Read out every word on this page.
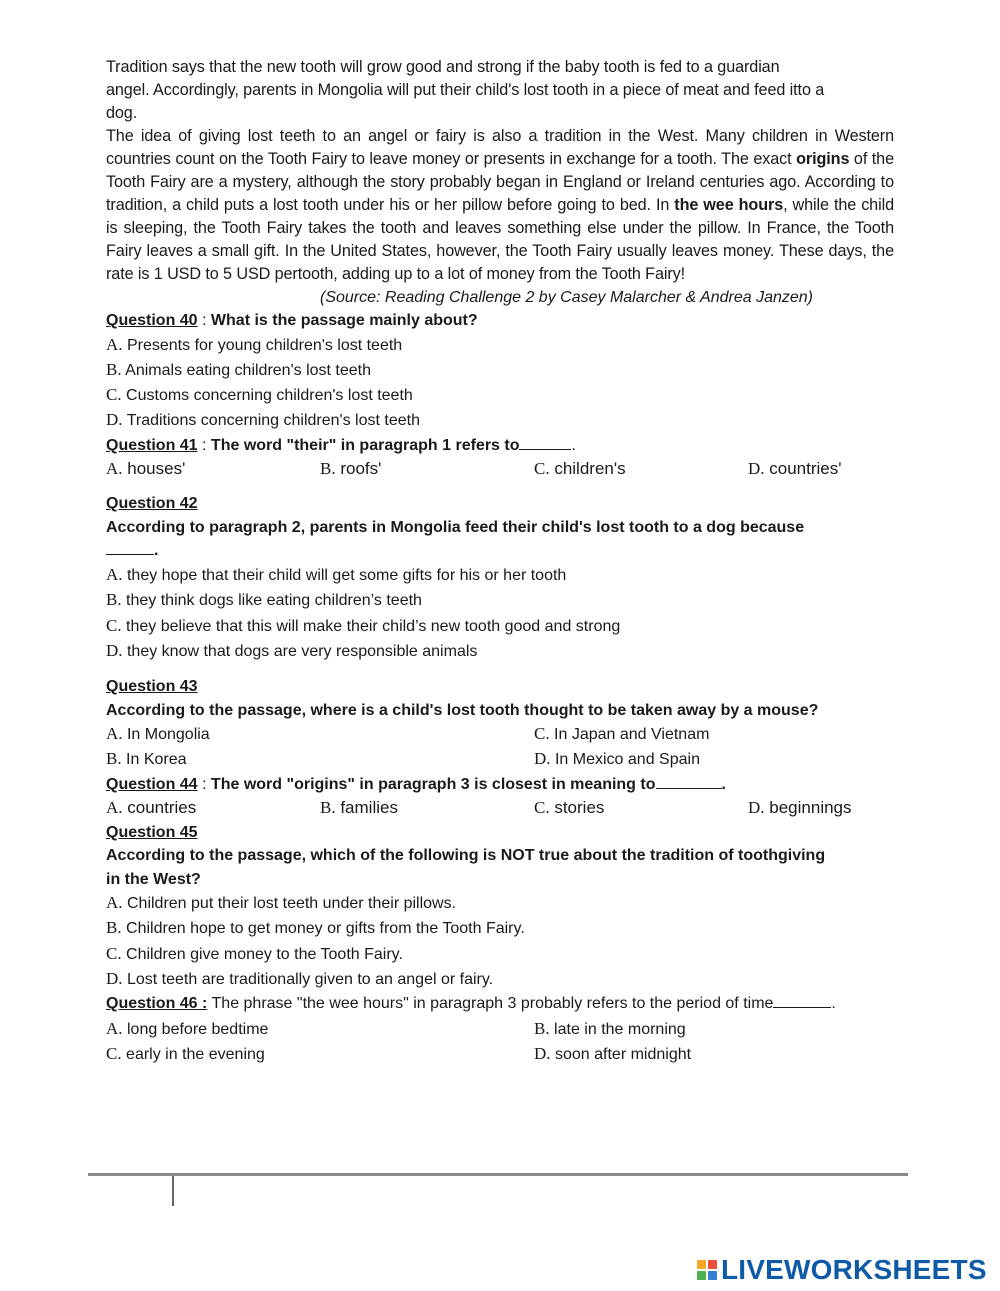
Tradition says that the new tooth will grow good and strong if the baby tooth is fed to a guardian

angel. Accordingly, parents in Mongolia will put their child's lost tooth in a piece of meat and feed itto a

dog.

The idea of giving lost teeth to an angel or fairy is also a tradition in the West. Many children in Western countries count on the Tooth Fairy to leave money or presents in exchange for a tooth. The exact origins of the Tooth Fairy are a mystery, although the story probably began in England or Ireland centuries ago. According to tradition, a child puts a lost tooth under his or her pillow before going to bed. In the wee hours, while the child is sleeping, the Tooth Fairy takes the tooth and leaves something else under the pillow. In France, the Tooth Fairy leaves a small gift. In the United States, however, the Tooth Fairy usually leaves money. These days, the rate is 1 USD to 5 USD pertooth, adding up to a lot of money from the Tooth Fairy!

(Source: Reading Challenge 2 by Casey Malarcher & Andrea Janzen)

Question 40 : What is the passage mainly about?

A. Presents for young children's lost teeth

B. Animals eating children's lost teeth

C. Customs concerning children's lost teeth

D. Traditions concerning children's lost teeth

Question 41 : The word "their" in paragraph 1 refers to	.

A. houses'	B. roofs'	C. children's	D. countries'

Question 42

According to paragraph 2, parents in Mongolia feed their child's lost tooth to a dog because

.

A. they hope that their child will get some gifts for his or her tooth

B. they think dogs like eating children’s teeth

C. they believe that this will make their child’s new tooth good and strong

D. they know that dogs are very responsible animals

Question 43

According to the passage, where is a child's lost tooth thought to be taken away by a mouse?

A. In Mongolia	C. In Japan and Vietnam

B. In Korea	D. In Mexico and Spain

Question 44 : The word "origins" in paragraph 3 is closest in meaning to	.

A. countries	B. families	C. stories	D. beginnings

Question 45

According to the passage, which of the following is NOT true about the tradition of toothgiving

in the West?

A. Children put their lost teeth under their pillows.

B. Children hope to get money or gifts from the Tooth Fairy.

C. Children give money to the Tooth Fairy.

D. Lost teeth are traditionally given to an angel or fairy.

Question 46 : The phrase "the wee hours" in paragraph 3 probably refers to the period of time	.

A. long before bedtime	B. late in the morning

C. early in the evening	D. soon after midnight

LIVEWORKSHEETS
